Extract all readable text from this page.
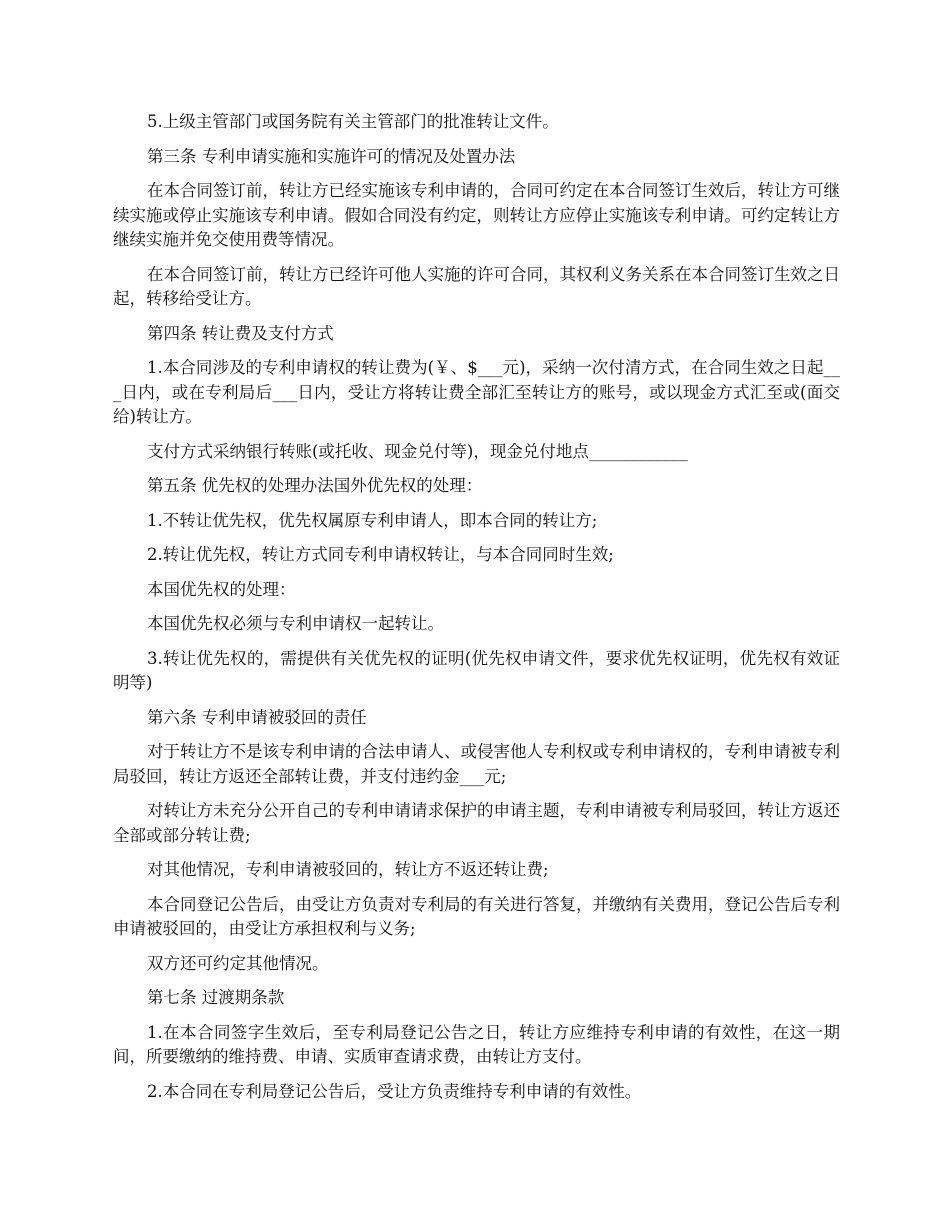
5.上级主管部门或国务院有关主管部门的批准转让文件。

第三条 专利申请实施和实施许可的情况及处置办法

在本合同签订前，转让方已经实施该专利申请的，合同可约定在本合同签订生效后，转让方可继续实施或停止实施该专利申请。假如合同没有约定，则转让方应停止实施该专利申请。可约定转让方继续实施并免交使用费等情况。

在本合同签订前，转让方已经许可他人实施的许可合同，其权利义务关系在本合同签订生效之日起，转移给受让方。

第四条 转让费及支付方式

1.本合同涉及的专利申请权的转让费为(￥、$___元)，采纳一次付清方式，在合同生效之日起___日内，或在专利局后___日内，受让方将转让费全部汇至转让方的账号，或以现金方式汇至或(面交给)转让方。

支付方式采纳银行转账(或托收、现金兑付等)，现金兑付地点____________

第五条 优先权的处理办法国外优先权的处理：

1.不转让优先权，优先权属原专利申请人，即本合同的转让方;

2.转让优先权，转让方式同专利申请权转让，与本合同同时生效;

本国优先权的处理：

本国优先权必须与专利申请权一起转让。

3.转让优先权的，需提供有关优先权的证明(优先权申请文件，要求优先权证明，优先权有效证明等)

第六条 专利申请被驳回的责任

对于转让方不是该专利申请的合法申请人、或侵害他人专利权或专利申请权的，专利申请被专利局驳回，转让方返还全部转让费，并支付违约金___元;

对转让方未充分公开自己的专利申请请求保护的申请主题，专利申请被专利局驳回，转让方返还全部或部分转让费;

对其他情况，专利申请被驳回的，转让方不返还转让费;

本合同登记公告后，由受让方负责对专利局的有关进行答复，并缴纳有关费用，登记公告后专利申请被驳回的，由受让方承担权利与义务;

双方还可约定其他情况。

第七条 过渡期条款

1.在本合同签字生效后，至专利局登记公告之日，转让方应维持专利申请的有效性，在这一期间，所要缴纳的维持费、申请、实质审查请求费，由转让方支付。

2.本合同在专利局登记公告后，受让方负责维持专利申请的有效性。
